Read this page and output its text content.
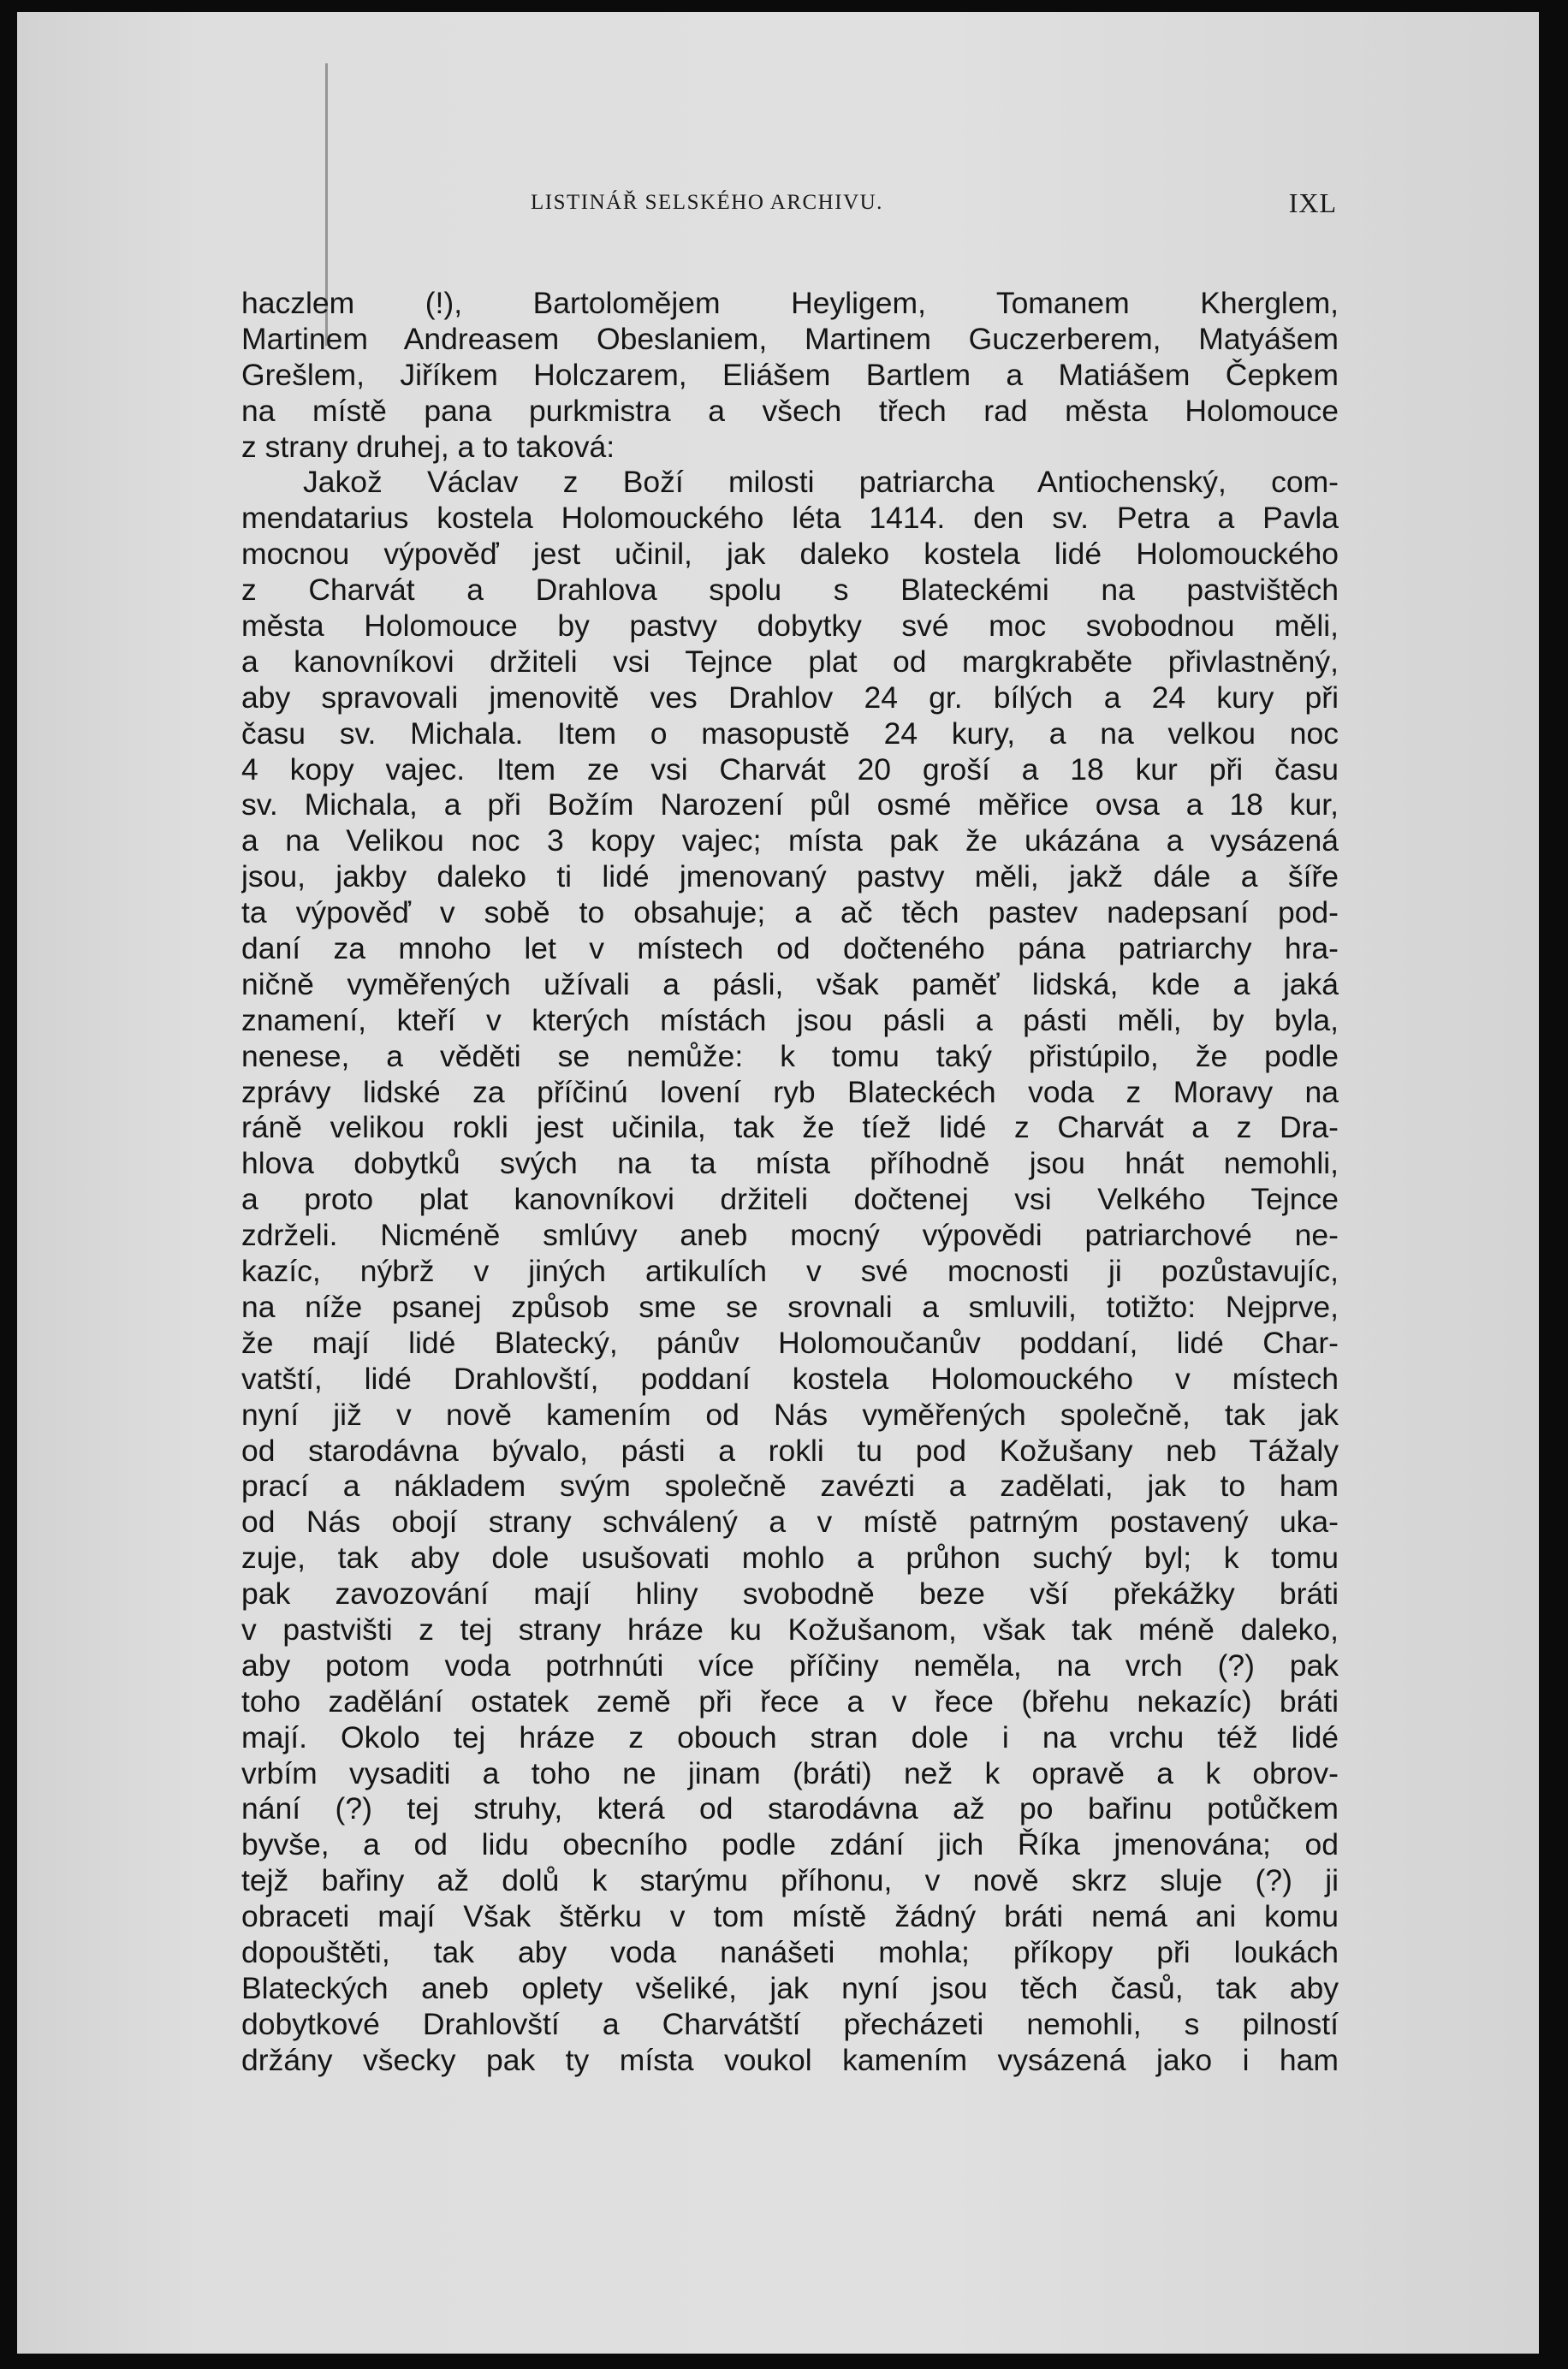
LISTINÁŘ SELSKÉHO ARCHIVU.	IXL
haczlem (!), Bartolomějem Heyligem, Tomanem Kherglem,
Martinem Andreasem Obeslaniem, Martinem Guczerberem, Matyášem
Grešlem, Jiříkem Holczarem, Eliášem Bartlem a Matiášem Čepkem
na místě pana purkmistra a všech třech rad města Holomouce
z strany druhej, a to taková:
Jakož Václav z Boží milosti patriarcha Antiochenský, com-
mendatarius kostela Holomouckého léta 1414. den sv. Petra a Pavla
mocnou výpověď jest učinil, jak daleko kostela lidé Holomouckého
z Charvát a Drahlova spolu s Blateckémi na pastvištěch
města Holomouce by pastvy dobytky své moc svobodnou měli,
a kanovníkovi držiteli vsi Tejnce plat od margkraběte přivlastněný,
aby spravovali jmenovitě ves Drahlov 24 gr. bílých a 24 kury při
času sv. Michala. Item o masopustě 24 kury, a na velkou noc
4 kopy vajec. Item ze vsi Charvát 20 groší a 18 kur při času
sv. Michala, a při Božím Narození půl osmé měřice ovsa a 18 kur,
a na Velikou noc 3 kopy vajec; místa pak že ukázána a vysázená
jsou, jakby daleko ti lidé jmenovaný pastvy měli, jakž dále a šíře
ta výpověď v sobě to obsahuje; a ač těch pastev nadepsaní pod-
daní za mnoho let v místech od dočteného pána patriarchy hra-
ničně vyměřených užívali a pásli, však paměť lidská, kde a jaká
znamení, kteří v kterých místách jsou pásli a pásti měli, by byla,
nenese, a věděti se nemůže: k tomu taký přistúpilo, že podle
zprávy lidské za příčinú lovení ryb Blateckéch voda z Moravy na
ráně velikou rokli jest učinila, tak že tíež lidé z Charvát a z Dra-
hlova dobytků svých na ta místa příhodně jsou hnát nemohli,
a proto plat kanovníkovi držiteli dočtenej vsi Velkého Tejnce
zdrželi. Nicméně smlúvy aneb mocný výpovědi patriarchové ne-
kazíc, nýbrž v jiných artikulích v své mocnosti ji pozůstavujíc,
na níže psanej způsob sme se srovnali a smluvili, totižto: Nejprve,
že mají lidé Blatecký, pánův Holomoučanův poddaní, lidé Char-
vatští, lidé Drahlovští, poddaní kostela Holomouckého v místech
nyní již v nově kamením od Nás vyměřených společně, tak jak
od starodávna bývalo, pásti a rokli tu pod Kožušany neb Tážaly
prací a nákladem svým společně zavézti a zadělati, jak to ham
od Nás obojí strany schválený a v místě patrným postavený uka-
zuje, tak aby dole usušovati mohlo a průhon suchý byl; k tomu
pak zavozování mají hliny svobodně beze vší překážky bráti
v pastvišti z tej strany hráze ku Kožušanom, však tak méně daleko,
aby potom voda potrhnúti více příčiny neměla, na vrch (?) pak
toho zadělání ostatek země při řece a v řece (břehu nekazíc) bráti
mají. Okolo tej hráze z obouch stran dole i na vrchu též lidé
vrbím vysaditi a toho ne jinam (bráti) než k opravě a k obrov-
nání (?) tej struhy, která od starodávna až po bařinu potůčkem
byvše, a od lidu obecního podle zdání jich Říka jmenována; od
tejž bařiny až dolů k starýmu příhonu, v nově skrz sluje (?) ji
obraceti mají Však štěrku v tom místě žádný bráti nemá ani komu
dopouštěti, tak aby voda nanášeti mohla; příkopy při loukách
Blateckých aneb oplety všeliké, jak nyní jsou těch časů, tak aby
dobytkové Drahlovští a Charvátští přecházeti nemohli, s pilností
držány všecky pak ty místa voukol kamením vysázená jako i ham
